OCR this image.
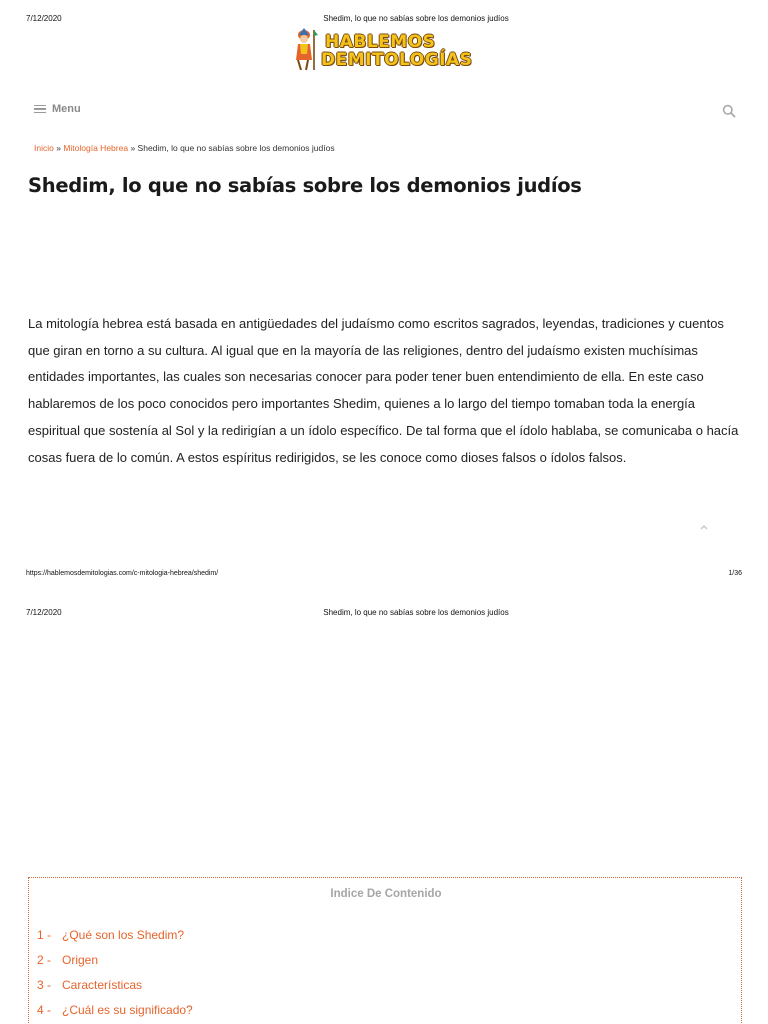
7/12/2020	Shedim, lo que no sabías sobre los demonios judíos
HABLEMOS
DEMITOLOGÍAS
Menu
Inicio » Mitología Hebrea » Shedim, lo que no sabías sobre los demonios judíos
Shedim, lo que no sabías sobre los demonios judíos

La mitología hebrea está basada en antigüedades del judaísmo como escritos sagrados, leyendas, tradiciones y cuentos que giran en torno a su cultura. Al igual que en la mayoría de las religiones, dentro del judaísmo existen muchísimas entidades importantes, las cuales son necesarias conocer para poder tener buen entendimiento de ella. En este caso hablaremos de los poco conocidos pero importantes Shedim, quienes a lo largo del tiempo tomaban toda la energía espiritual que sostenía al Sol y la redirigían a un ídolo específico. De tal forma que el ídolo hablaba, se comunicaba o hacía cosas fuera de lo común. A estos espíritus redirigidos, se les conoce como dioses falsos o ídolos falsos.

https://hablemosdemitologias.com/c-mitologia-hebrea/shedim/	1/36
7/12/2020	Shedim, lo que no sabías sobre los demonios judíos
Indice De Contenido
1 - ¿Qué son los Shedim?
2 - Origen
3 - Características
4 - ¿Cuál es su significado?
